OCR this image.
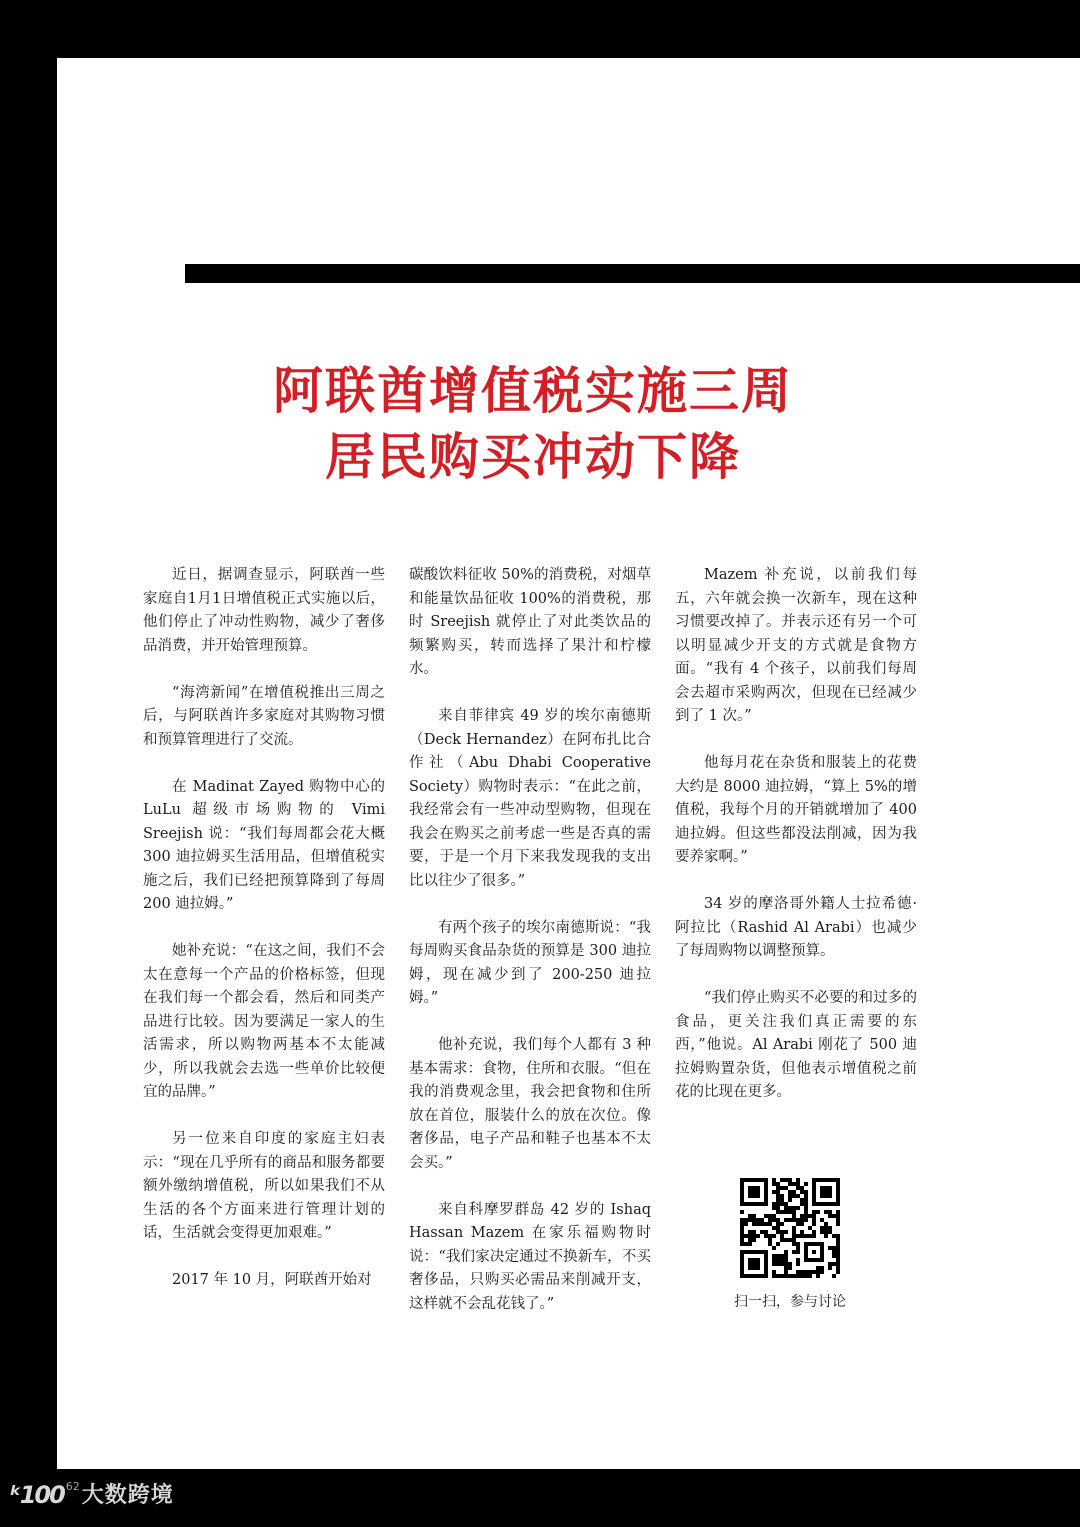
阿联酋增值税实施三周
居民购买冲动下降

近日，据调查显示，阿联酋一些家庭自1月1日增值税正式实施以后，他们停止了冲动性购物，减少了奢侈品消费，并开始管理预算。

“海湾新闻”在增值税推出三周之后，与阿联酋许多家庭对其购物习惯和预算管理进行了交流。

在 Madinat Zayed 购物中心的 LuLu 超级市场购物的 Vimi Sreejish 说：“我们每周都会花大概 300 迪拉姆买生活用品，但增值税实施之后，我们已经把预算降到了每周 200 迪拉姆。”

她补充说：“在这之间，我们不会太在意每一个产品的价格标签，但现在我们每一个都会看，然后和同类产品进行比较。因为要满足一家人的生活需求，所以购物两基本不太能减少，所以我就会去选一些单价比较便宜的品牌。”

另一位来自印度的家庭主妇表示：“现在几乎所有的商品和服务都要额外缴纳增值税，所以如果我们不从生活的各个方面来进行管理计划的话，生活就会变得更加艰难。”

2017 年 10 月，阿联酋开始对

碳酸饮料征收 50%的消费税，对烟草和能量饮品征收 100%的消费税，那时 Sreejish 就停止了对此类饮品的频繁购买，转而选择了果汁和柠檬水。

来自菲律宾 49 岁的埃尔南德斯（Deck Hernandez）在阿布扎比合作社（Abu Dhabi Cooperative Society）购物时表示：“在此之前，我经常会有一些冲动型购物，但现在我会在购买之前考虑一些是否真的需要，于是一个月下来我发现我的支出比以往少了很多。”

有两个孩子的埃尔南德斯说：“我每周购买食品杂货的预算是 300 迪拉姆，现在减少到了 200-250 迪拉姆。”

他补充说，我们每个人都有 3 种基本需求：食物，住所和衣服。“但在我的消费观念里，我会把食物和住所放在首位，服装什么的放在次位。像奢侈品，电子产品和鞋子也基本不太会买。”

来自科摩罗群岛 42 岁的 Ishaq Hassan Mazem 在家乐福购物时说：“我们家决定通过不换新车，不买奢侈品，只购买必需品来削减开支，这样就不会乱花钱了。”

Mazem 补充说，以前我们每五，六年就会换一次新车，现在这种习惯要改掉了。并表示还有另一个可以明显减少开支的方式就是食物方面。“我有 4 个孩子，以前我们每周会去超市采购两次，但现在已经减少到了 1 次。”

他每月花在杂货和服装上的花费大约是 8000 迪拉姆，“算上 5%的增值税，我每个月的开销就增加了 400 迪拉姆。但这些都没法削减，因为我要养家啊。”

34 岁的摩洛哥外籍人士拉希德·阿拉比（Rashid Al Arabi）也减少了每周购物以调整预算。

“我们停止购买不必要的和过多的食品，更关注我们真正需要的东西，”他说。Al Arabi 刚花了 500 迪拉姆购置杂货，但他表示增值税之前花的比现在更多。

扫一扫，参与讨论
ᵏ100 62 大数跨境
